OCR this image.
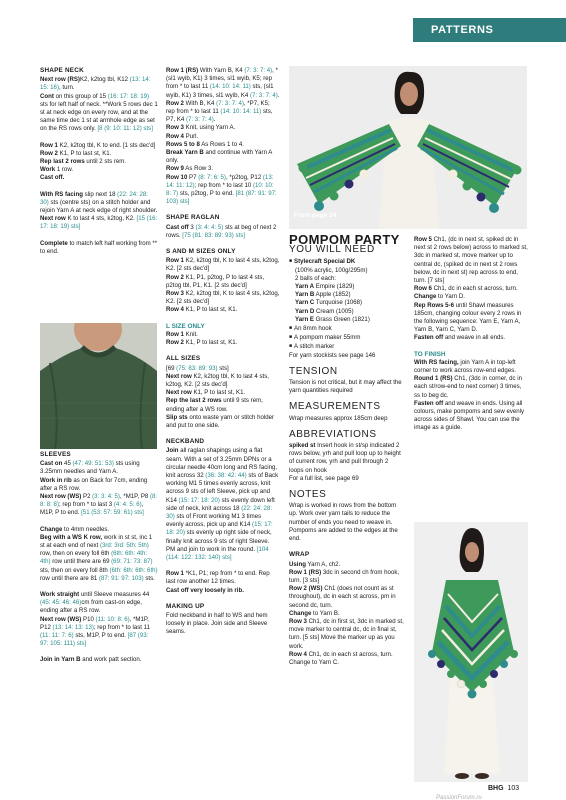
PATTERNS
SHAPE NECK
Next row (RS)K2, k2tog tbl, K12 (13: 14: 15: 16), turn.
Cont on this group of 15 (16: 17: 18: 19) sts for left half of neck. **Work 5 rows dec 1 st at neck edge on every row, and at the same time dec 1 st at armhole edge as set on the RS rows only. [8 (9: 10: 11: 12) sts]
Row 1 K2, k2tog tbl, K to end. [1 sts dec'd]
Row 2 K1, P to last st, K1.
Rep last 2 rows until 2 sts rem.
Work 1 row.
Cast off.
With RS facing slip next 18 (22: 24: 28: 30) sts (centre sts) on a stitch holder and rejoin Yarn A at neck edge of right shoulder.
Next row K to last 4 sts, k2tog, K2. [15 (16: 17: 18: 19) sts]
Complete to match left half working from ** to end.
SLEEVES
Cast on 45 (47: 49: 51: 53) sts using 3.25mm needles and Yarn A.
Work in rib as on Back for 7cm, ending after a RS row.
Next row (WS) P2 (3: 3: 4: 5), *M1P, P8 (8: 8: 8: 8); rep from * to last 3 (4: 4: 5: 6), M1P, P to end. [51 (53: 57: 59: 61) sts]
Change to 4mm needles.
Beg with a WS K row, work in st st, inc 1 st at each end of next (3rd: 3rd: 5th: 5th) row, then on every foll 6th (6th: 6th: 4th: 4th) row until there are 69 (69: 71: 73: 87) sts, then on every foll 8th (6th: 6th: 6th: 6th) row until there are 81 (87: 91: 97: 103) sts.
Work straight until Sleeve measures 44 (45: 45: 46: 46)cm from cast-on edge, ending after a RS row.
Next row (WS) P10 (11: 10: 8: 6), *M1P, P12 (13: 14: 13: 13); rep from * to last 11 (11: 11: 7: 6) sts, M1P, P to end. [87 (93: 97: 105: 111) sts]
Join in Yarn B and work patt section.
Row 1 (RS) With Yarn B, K4 (7: 3: 7: 4), *(sl1 wyib, K1) 3 times, sl1 wyib, K5; rep from * to last 11 (14: 10: 14: 11) sts, (sl1 wyib, K1) 3 times, sl1 wyib, K4 (7: 3: 7: 4).
Row 2 With B, K4 (7: 3: 7: 4), *P7, K5; rep from * to last 11 (14: 10: 14: 11) sts, P7, K4 (7: 3: 7: 4).
Row 3 Knit, using Yarn A.
Row 4 Purl.
Rows 5 to 8 As Rows 1 to 4.
Break Yarn B and continue with Yarn A only.
Row 9 As Row 3.
Row 10 P7 (8: 7: 6: 5), *p2tog, P12 (13: 14: 11: 12); rep from * to last 10 (10: 10: 8: 7) sts, p2tog, P to end. [81 (87: 91: 97: 103) sts]
SHAPE RAGLAN
Cast off 3 (3: 4: 4: 5) sts at beg of next 2 rows. [75 (81: 83: 89: 93) sts]
S AND M SIZES ONLY
Row 1 K2, k2tog tbl, K to last 4 sts, k2tog, K2. [2 sts dec'd]
Row 2 K1, P1, p2tog, P to last 4 sts, p2tog tbl, P1, K1. [2 sts dec'd]
Row 3 K2, k2tog tbl, K to last 4 sts, k2tog, K2. [2 sts dec'd]
Row 4 K1, P to last st, K1.
L SIZE ONLY
Row 1 Knit.
Row 2 K1, P to last st, K1.
ALL SIZES
[69 (75: 83: 89: 93) sts]
Next row K2, k2tog tbl, K to last 4 sts, k2tog, K2. [2 sts dec'd]
Next row K1, P to last st, K1.
Rep the last 2 rows until 9 sts rem, ending after a WS row.
Slip sts onto waste yarn or stitch holder and put to one side.
NECKBAND
Join all raglan shapings using a flat seam. With a set of 3.25mm DPNs or a circular needle 40cm long and RS facing, knit across 32 (36: 38: 42: 44) sts of Back working M1 5 times evenly across, knit across 9 sts of left Sleeve, pick up and K14 (15: 17: 18: 20) sts evenly down left side of neck, knit across 18 (22: 24: 28: 30) sts of Front working M1 3 times evenly across, pick up and K14 (15: 17: 18: 20) sts evenly up right side of neck, finally knit across 9 sts of right Sleeve. PM and join to work in the round. [104 (114: 122: 132: 140) sts]
Row 1 *K1, P1; rep from * to end. Rep last row another 12 times.
Cast off very loosely in rib.
MAKING UP
Fold neckband in half to WS and hem loosely in place. Join side and Sleeve seams.
From page 24
POMPOM PARTY
YOU WILL NEED
■ Stylecraft Special DK
(100% acrylic, 100g/295m)
2 balls of each:
Yarn A Empire (1829)
Yarn B Apple (1852)
Yarn C Turquoise (1068)
Yarn D Cream (1005)
Yarn E Grass Green (1821)
■ An 8mm hook
■ A pompom maker 55mm
■ A stitch marker
For yarn stockists see page 146
TENSION
Tension is not critical, but it may affect the yarn quantities required
MEASUREMENTS
Wrap measures approx 185cm deep
ABBREVIATIONS
spiked st Insert hook in st/sp indicated 2 rows below, yrh and pull loop up to height of current row, yrh and pull through 2 loops on hook
For a full list, see page 69
NOTES
Wrap is worked in rows from the bottom up. Work over yarn tails to reduce the number of ends you need to weave in.
Pompoms are added to the edges at the end.
WRAP
Using Yarn A, ch2.
Row 1 (RS) 3dc in second ch from hook, turn. [3 sts]
Row 2 (WS) Ch1 (does not count as st throughout), dc in each st across, pm in second dc, turn.
Change to Yarn B.
Row 3 Ch1, dc in first st, 3dc in marked st, move marker to central dc, dc in final st, turn. [5 sts] Move the marker up as you work.
Row 4 Ch1, dc in each st across, turn.
Change to Yarn C.
Row 5 Ch1, (dc in next st, spiked dc in next st 2 rows below) across to marked st, 3dc in marked st, move marker up to central dc, (spiked dc in next st 2 rows below, dc in next st) rep across to end, turn. [7 sts]
Row 6 Ch1, dc in each st across, turn.
Change to Yarn D.
Rep Rows 5-6 until Shawl measures 185cm, changing colour every 2 rows in the following sequence: Yarn E, Yarn A, Yarn B, Yarn C, Yarn D.
Fasten off and weave in all ends.
TO FINISH
With RS facing, join Yarn A in top-left corner to work across row-end edges.
Round 1 (RS) Ch1, (3dc in corner, dc in each st/row-end to next corner) 3 times, ss to beg dc.
Fasten off and weave in ends. Using all colours, make pompoms and sew evenly across sides of Shawl. You can use the image as a guide.
BHG 103
PassionForum.ru
